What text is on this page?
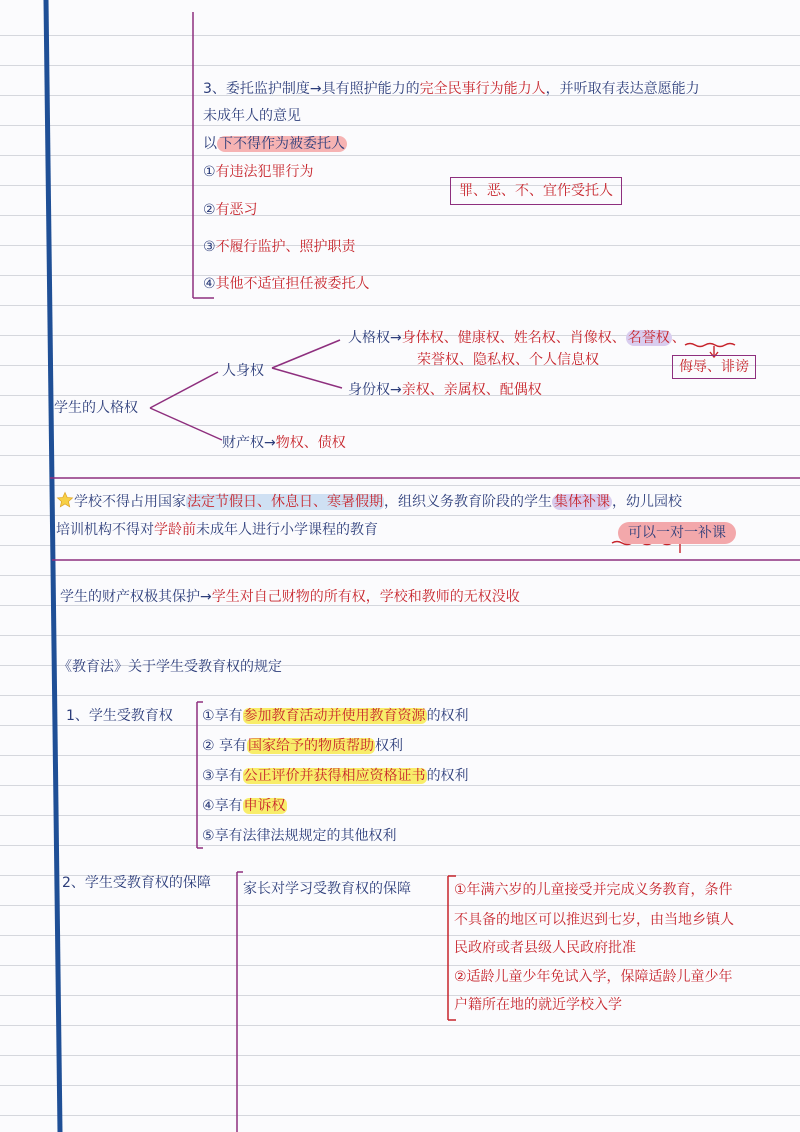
3、委托监护制度→具有照护能力的完全民事行为能力人，并听取有表达意愿能力
未成年人的意见
以 下不得作为被委托人
①有违法犯罪行为
②有恶习
③不履行监护、照护职责
④其他不适宜担任被委托人
罪、恶、不、宜作受托人
学生的人格权
人身权
财产权→物权、债权
人格权→身体权、健康权、姓名权、肖像权、 名誉权 、
荣誉权、隐私权、个人信息权
身份权→亲权、亲属权、配偶权
侮辱、诽谤
学校不得占用国家法定节假日、休息日、寒暑假期，组织义务教育阶段的学生 集体补课 ，幼儿园校
培训机构不得对学龄前未成年人进行小学课程的教育	可以一对一补课
学生的财产权极其保护→学生对自己财物的所有权，学校和教师的无权没收
《教育法》关于学生受教育权的规定
1、学生受教育权 ①享有参加教育活动并使用教育资源的权利
② 享有国家给予的物质帮助权利
③享有公正评价并获得相应资格证书的权利
④享有申诉权
⑤享有法律法规规定的其他权利
2、学生受教育权的保障 家长对学习受教育权的保障	①年满六岁的儿童接受并完成义务教育，条件
不具备的地区可以推迟到七岁，由当地乡镇人
民政府或者县级人民政府批准
②适龄儿童少年免试入学，保障适龄儿童少年
户籍所在地的就近学校入学
